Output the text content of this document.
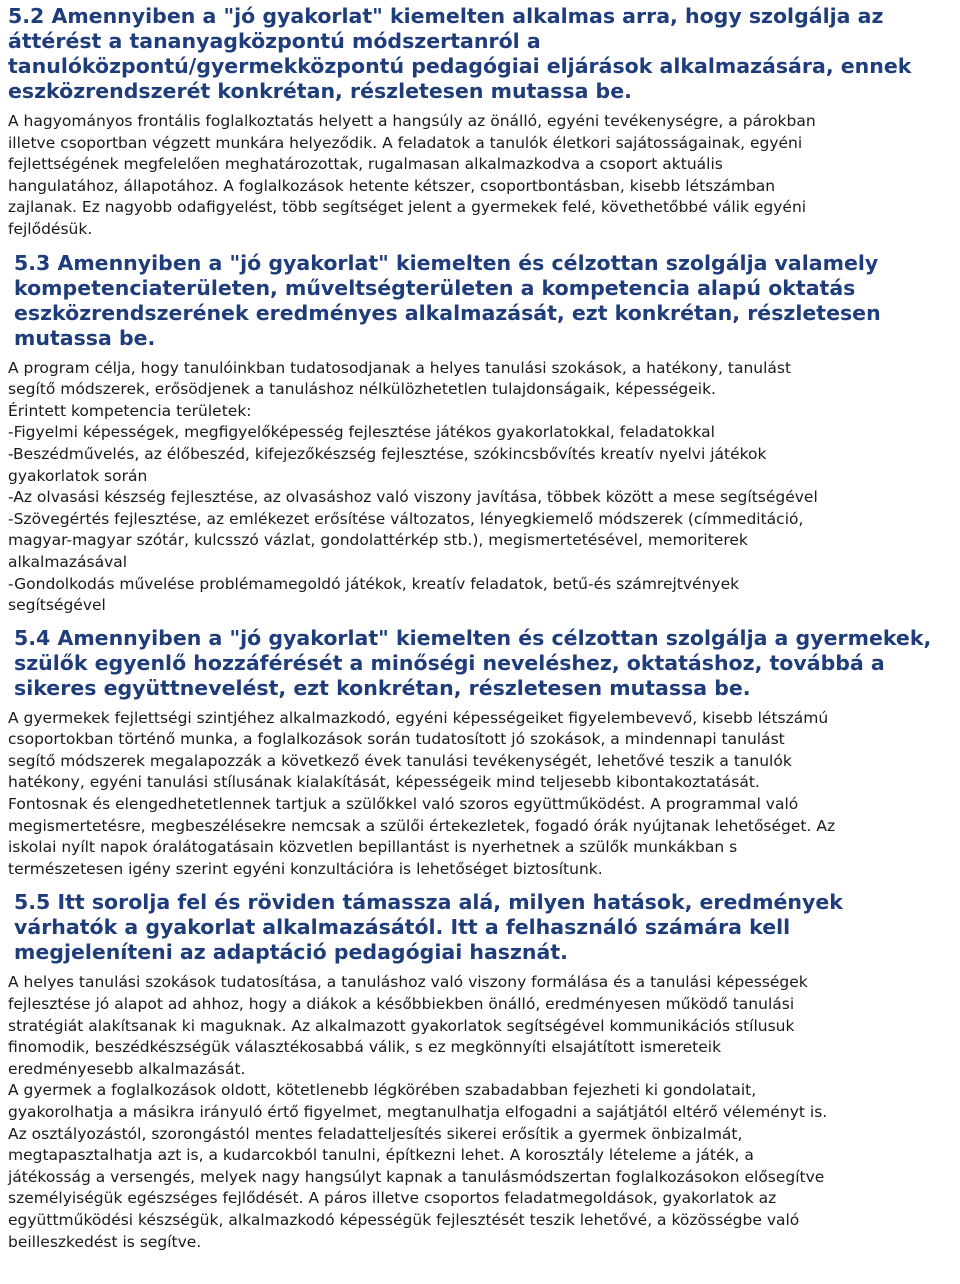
5.2 Amennyiben a "jó gyakorlat" kiemelten alkalmas arra, hogy szolgálja az
áttérést a tananyagközpontú módszertanról a
tanulóközpontú/gyermekközpontú pedagógiai eljárások alkalmazására, ennek
eszközrendszerét konkrétan, részletesen mutassa be.

A hagyományos frontális foglalkoztatás helyett a hangsúly az önálló, egyéni tevékenységre, a párokban
illetve csoportban végzett munkára helyeződik. A feladatok a tanulók életkori sajátosságainak, egyéni
fejlettségének megfelelően meghatározottak, rugalmasan alkalmazkodva a csoport aktuális
hangulatához, állapotához. A foglalkozások hetente kétszer, csoportbontásban, kisebb létszámban
zajlanak. Ez nagyobb odafigyelést, több segítséget jelent a gyermekek felé, követhetőbbé válik egyéni
fejlődésük.

5.3 Amennyiben a "jó gyakorlat" kiemelten és célzottan szolgálja valamely
kompetenciaterületen, műveltségterületen a kompetencia alapú oktatás
eszközrendszerének eredményes alkalmazását, ezt konkrétan, részletesen
mutassa be.

A program célja, hogy tanulóinkban tudatosodjanak a helyes tanulási szokások, a hatékony, tanulást
segítő módszerek, erősödjenek a tanuláshoz nélkülözhetetlen tulajdonságaik, képességeik.
Érintett kompetencia területek:
-Figyelmi képességek, megfigyelőképesség fejlesztése játékos gyakorlatokkal, feladatokkal
-Beszédművelés, az élőbeszéd, kifejezőkészség fejlesztése, szókincsbővítés kreatív nyelvi játékok
gyakorlatok során
-Az olvasási készség fejlesztése, az olvasáshoz való viszony javítása, többek között a mese segítségével
-Szövegértés fejlesztése, az emlékezet erősítése változatos, lényegkiemelő módszerek (címmeditáció,
magyar-magyar szótár, kulcsszó vázlat, gondolattérkép stb.), megismertetésével, memoriterek
alkalmazásával
-Gondolkodás művelése problémamegoldó játékok, kreatív feladatok, betű-és számrejtvények
segítségével

5.4 Amennyiben a "jó gyakorlat" kiemelten és célzottan szolgálja a gyermekek,
szülők egyenlő hozzáférését a minőségi neveléshez, oktatáshoz, továbbá a
sikeres együttnevelést, ezt konkrétan, részletesen mutassa be.

A gyermekek fejlettségi szintjéhez alkalmazkodó, egyéni képességeiket figyelembevevő, kisebb létszámú
csoportokban történő munka, a foglalkozások során tudatosított jó szokások, a mindennapi tanulást
segítő módszerek megalapozzák a következő évek tanulási tevékenységét, lehetővé teszik a tanulók
hatékony, egyéni tanulási stílusának kialakítását, képességeik mind teljesebb kibontakoztatását.
Fontosnak és elengedhetetlennek tartjuk a szülőkkel való szoros együttműködést. A programmal való
megismertetésre, megbeszélésekre nemcsak a szülői értekezletek, fogadó órák nyújtanak lehetőséget. Az
iskolai nyílt napok óralátogatásain közvetlen bepillantást is nyerhetnek a szülők munkákban s
természetesen igény szerint egyéni konzultációra is lehetőséget biztosítunk.

5.5 Itt sorolja fel és röviden támassza alá, milyen hatások, eredmények
várhatók a gyakorlat alkalmazásától. Itt a felhasználó számára kell
megjeleníteni az adaptáció pedagógiai hasznát.

A helyes tanulási szokások tudatosítása, a tanuláshoz való viszony formálása és a tanulási képességek
fejlesztése jó alapot ad ahhoz, hogy a diákok a későbbiekben önálló, eredményesen működő tanulási
stratégiát alakítsanak ki maguknak. Az alkalmazott gyakorlatok segítségével kommunikációs stílusuk
finomodik, beszédkészségük választékosabbá válik, s ez megkönnyíti elsajátított ismereteik
eredményesebb alkalmazását.
A gyermek a foglalkozások oldott, kötetlenebb légkörében szabadabban fejezheti ki gondolatait,
gyakorolhatja a másikra irányuló értő figyelmet, megtanulhatja elfogadni a sajátjától eltérő véleményt is.
Az osztályozástól, szorongástól mentes feladatteljesítés sikerei erősítik a gyermek önbizalmát,
megtapasztalhatja azt is, a kudarcokból tanulni, építkezni lehet. A korosztály lételeme a játék, a
játékosság a versengés, melyek nagy hangsúlyt kapnak a tanulásmódszertan foglalkozásokon elősegítve
személyiségük egészséges fejlődését. A páros illetve csoportos feladatmegoldások, gyakorlatok az
együttműködési készségük, alkalmazkodó képességük fejlesztését teszik lehetővé, a közösségbe való
beilleszkedést is segítve.
